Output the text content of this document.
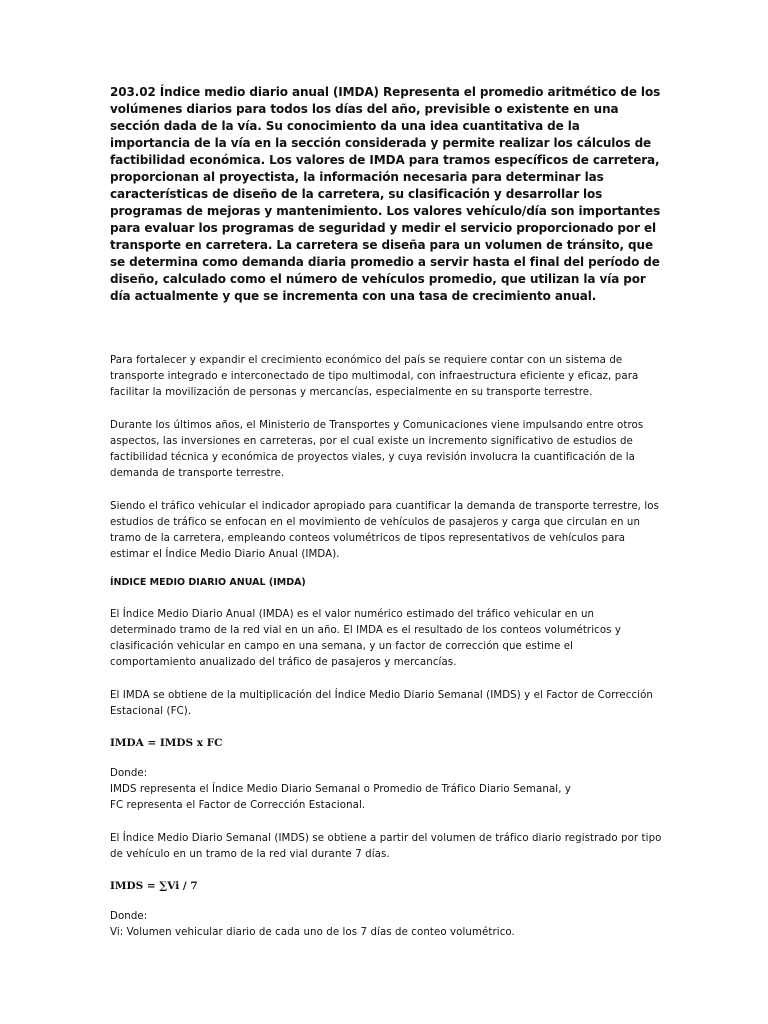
203.02 Índice medio diario anual (IMDA) Representa el promedio aritmético de los volúmenes diarios para todos los días del año, previsible o existente en una sección dada de la vía. Su conocimiento da una idea cuantitativa de la importancia de la vía en la sección considerada y permite realizar los cálculos de factibilidad económica. Los valores de IMDA para tramos específicos de carretera, proporcionan al proyectista, la información necesaria para determinar las características de diseño de la carretera, su clasificación y desarrollar los programas de mejoras y mantenimiento. Los valores vehículo/día son importantes para evaluar los programas de seguridad y medir el servicio proporcionado por el transporte en carretera. La carretera se diseña para un volumen de tránsito, que se determina como demanda diaria promedio a servir hasta el final del período de diseño, calculado como el número de vehículos promedio, que utilizan la vía por día actualmente y que se incrementa con una tasa de crecimiento anual.

Para fortalecer y expandir el crecimiento económico del país se requiere contar con un sistema de transporte integrado e interconectado de tipo multimodal, con infraestructura eficiente y eficaz, para facilitar la movilización de personas y mercancías, especialmente en su transporte terrestre.

Durante los últimos años, el Ministerio de Transportes y Comunicaciones viene impulsando entre otros aspectos, las inversiones en carreteras, por el cual existe un incremento significativo de estudios de factibilidad técnica y económica de proyectos viales, y cuya revisión involucra la cuantificación de la demanda de transporte terrestre.

Siendo el tráfico vehicular el indicador apropiado para cuantificar la demanda de transporte terrestre, los estudios de tráfico se enfocan en el movimiento de vehículos de pasajeros y carga que circulan en un tramo de la carretera, empleando conteos volumétricos de tipos representativos de vehículos para estimar el Índice Medio Diario Anual (IMDA).

ÍNDICE MEDIO DIARIO ANUAL (IMDA)

El Índice Medio Diario Anual (IMDA) es el valor numérico estimado del tráfico vehicular en un determinado tramo de la red vial en un año. El IMDA es el resultado de los conteos volumétricos y clasificación vehicular en campo en una semana, y un factor de corrección que estime el comportamiento anualizado del tráfico de pasajeros y mercancías.

El IMDA se obtiene de la multiplicación del Índice Medio Diario Semanal (IMDS) y el Factor de Corrección Estacional (FC).

IMDA = IMDS x FC

Donde:

IMDS representa el Índice Medio Diario Semanal o Promedio de Tráfico Diario Semanal, y

FC representa el Factor de Corrección Estacional.

El Índice Medio Diario Semanal (IMDS) se obtiene a partir del volumen de tráfico diario registrado por tipo de vehículo en un tramo de la red vial durante 7 días.

IMDS = ∑Vi / 7

Donde:

Vi: Volumen vehicular diario de cada uno de los 7 días de conteo volumétrico.
